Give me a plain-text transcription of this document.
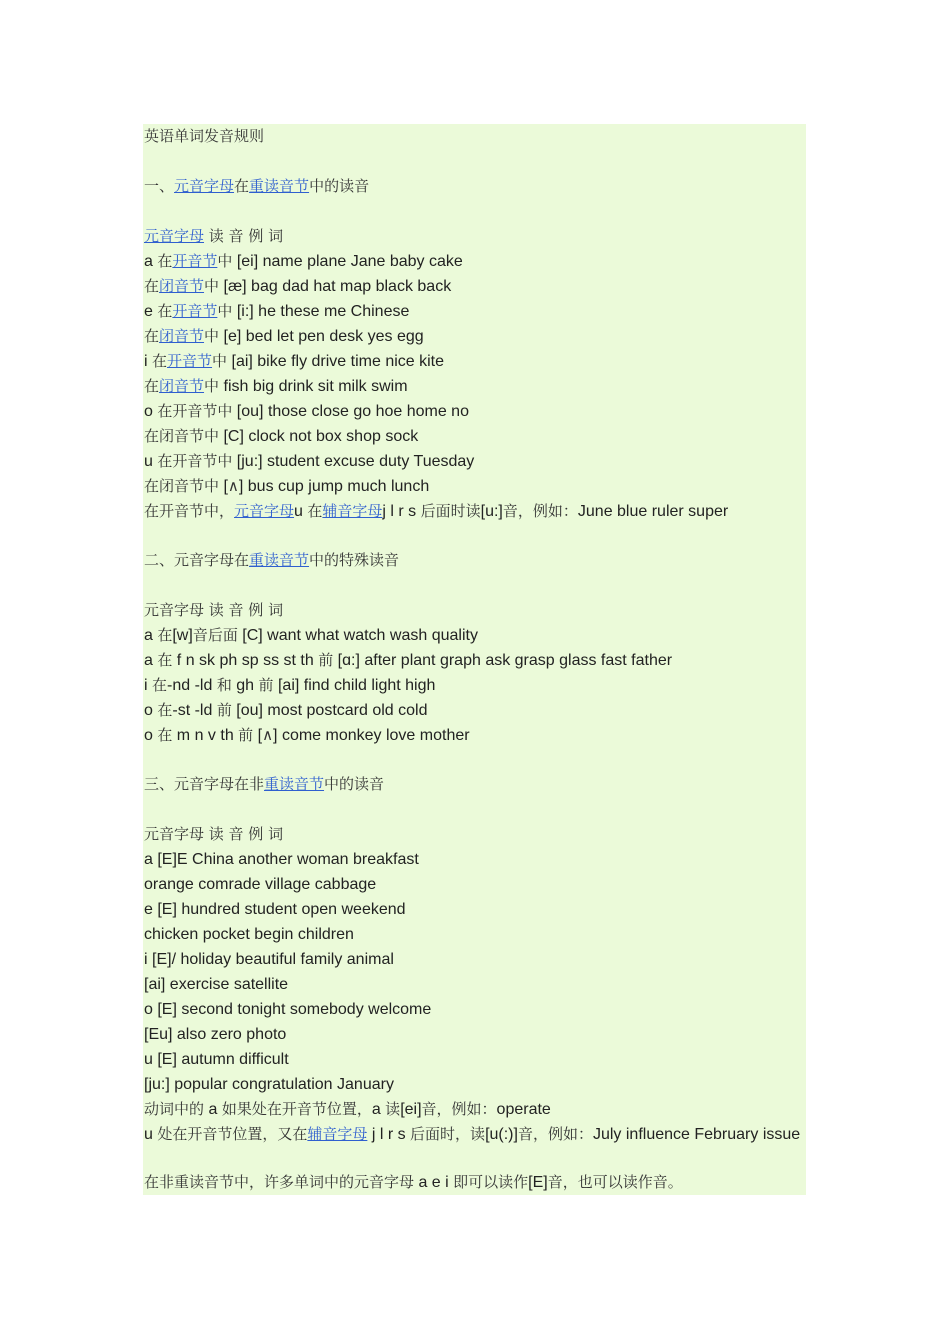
英语单词发音规则
一、元音字母在重读音节中的读音
元音字母 读 音 例 词
a 在开音节中 [ei] name plane Jane baby cake
在闭音节中 [æ] bag dad hat map black back
e 在开音节中 [i:] he these me Chinese
在闭音节中 [e] bed let pen desk yes egg
i 在开音节中 [ai] bike fly drive time nice kite
在闭音节中 fish big drink sit milk swim
o 在开音节中 [ou] those close go hoe home no
在闭音节中 [C] clock not box shop sock
u 在开音节中 [ju:] student excuse duty Tuesday
在闭音节中 [∧] bus cup jump much lunch
在开音节中，元音字母u 在辅音字母j l r s 后面时读[u:]音，例如：June blue ruler super
二、元音字母在重读音节中的特殊读音
元音字母 读 音 例 词
a 在[w]音后面 [C] want what watch wash quality
a 在 f n sk ph sp ss st th 前 [ɑ:] after plant graph ask grasp glass fast father
i 在-nd -ld 和 gh 前 [ai] find child light high
o 在-st -ld 前 [ou] most postcard old cold
o 在 m n v th 前 [∧] come monkey love mother
三、元音字母在非重读音节中的读音
元音字母 读 音 例 词
a [E]E China another woman breakfast
orange comrade village cabbage
e [E] hundred student open weekend
chicken pocket begin children
i [E]/ holiday beautiful family animal
[ai] exercise satellite
o [E] second tonight somebody welcome
[Eu] also zero photo
u [E] autumn difficult
[ju:] popular congratulation January
动词中的 a 如果处在开音节位置，a 读[ei]音，例如：operate
u 处在开音节位置，又在辅音字母 j l r s 后面时，读[u(:)]音，例如：July influence February issue
在非重读音节中，许多单词中的元音字母 a e i 即可以读作[E]音，也可以读作音。
